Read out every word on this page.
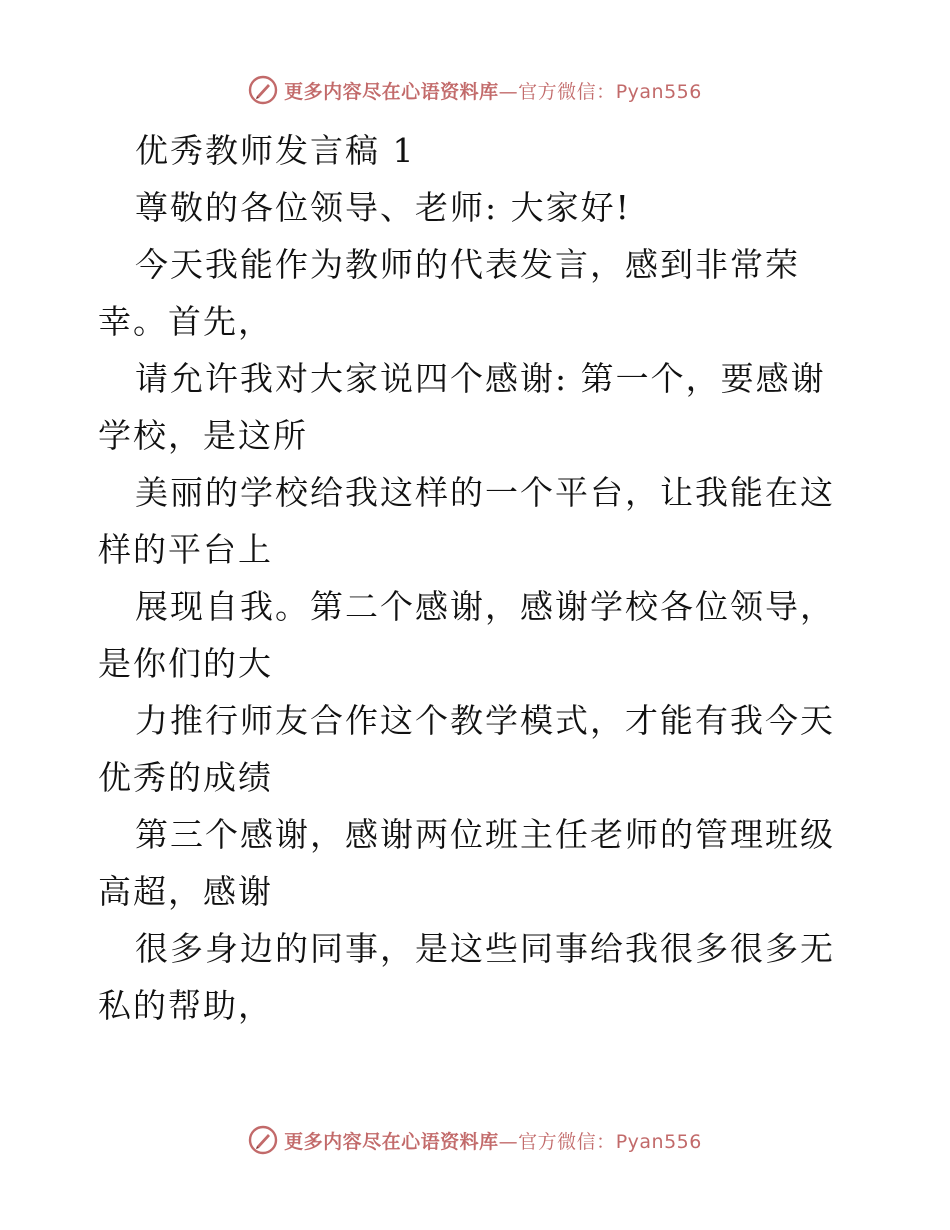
更多内容尽在心语资料库—官方微信：Pyan556

优秀教师发言稿 1

尊敬的各位领导、老师: 大家好!

今天我能作为教师的代表发言，感到非常荣幸。首先，

请允许我对大家说四个感谢: 第一个，要感谢学校，是这所

美丽的学校给我这样的一个平台，让我能在这样的平台上

展现自我。第二个感谢，感谢学校各位领导，是你们的大

力推行师友合作这个教学模式，才能有我今天优秀的成绩

第三个感谢，感谢两位班主任老师的管理班级高超，感谢

很多身边的同事，是这些同事给我很多很多无私的帮助，

更多内容尽在心语资料库—官方微信：Pyan556
